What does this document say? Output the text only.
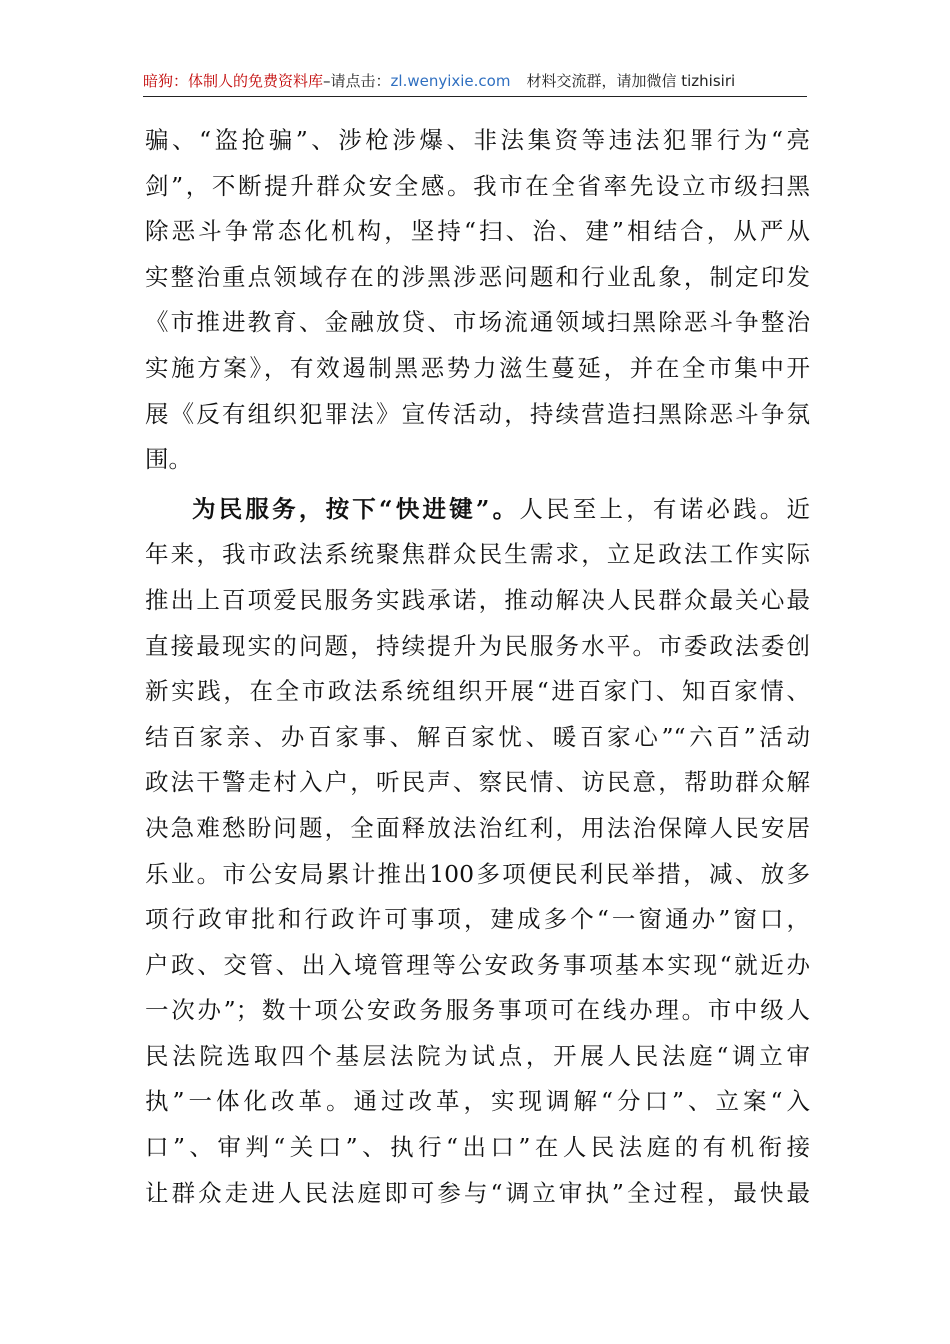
暗狗：体制人的免费资料库–请点击：zl.wenyixie.com 材料交流群，请加微信 tizhisiri
骗、“盗抢骗”、涉枪涉爆、非法集资等违法犯罪行为“亮
剑”，不断提升群众安全感。我市在全省率先设立市级扫黑
除恶斗争常态化机构，坚持“扫、治、建”相结合，从严从
实整治重点领域存在的涉黑涉恶问题和行业乱象，制定印发
《市推进教育、金融放贷、市场流通领域扫黑除恶斗争整治
实施方案》，有效遏制黑恶势力滋生蔓延，并在全市集中开
展《反有组织犯罪法》宣传活动，持续营造扫黑除恶斗争氛
围。
为民服务，按下“快进键”。人民至上，有诺必践。近
年来，我市政法系统聚焦群众民生需求，立足政法工作实际
推出上百项爱民服务实践承诺，推动解决人民群众最关心最
直接最现实的问题，持续提升为民服务水平。市委政法委创
新实践，在全市政法系统组织开展“进百家门、知百家情、
结百家亲、办百家事、解百家忧、暖百家心”“六百”活动
政法干警走村入户，听民声、察民情、访民意，帮助群众解
决急难愁盼问题，全面释放法治红利，用法治保障人民安居
乐业。市公安局累计推出100多项便民利民举措，减、放多
项行政审批和行政许可事项，建成多个“一窗通办”窗口，
户政、交管、出入境管理等公安政务事项基本实现“就近办
一次办”；数十项公安政务服务事项可在线办理。市中级人
民法院选取四个基层法院为试点，开展人民法庭“调立审
执”一体化改革。通过改革，实现调解“分口”、立案“入
口”、审判“关口”、执行“出口”在人民法庭的有机衔接
让群众走进人民法庭即可参与“调立审执”全过程，最快最
